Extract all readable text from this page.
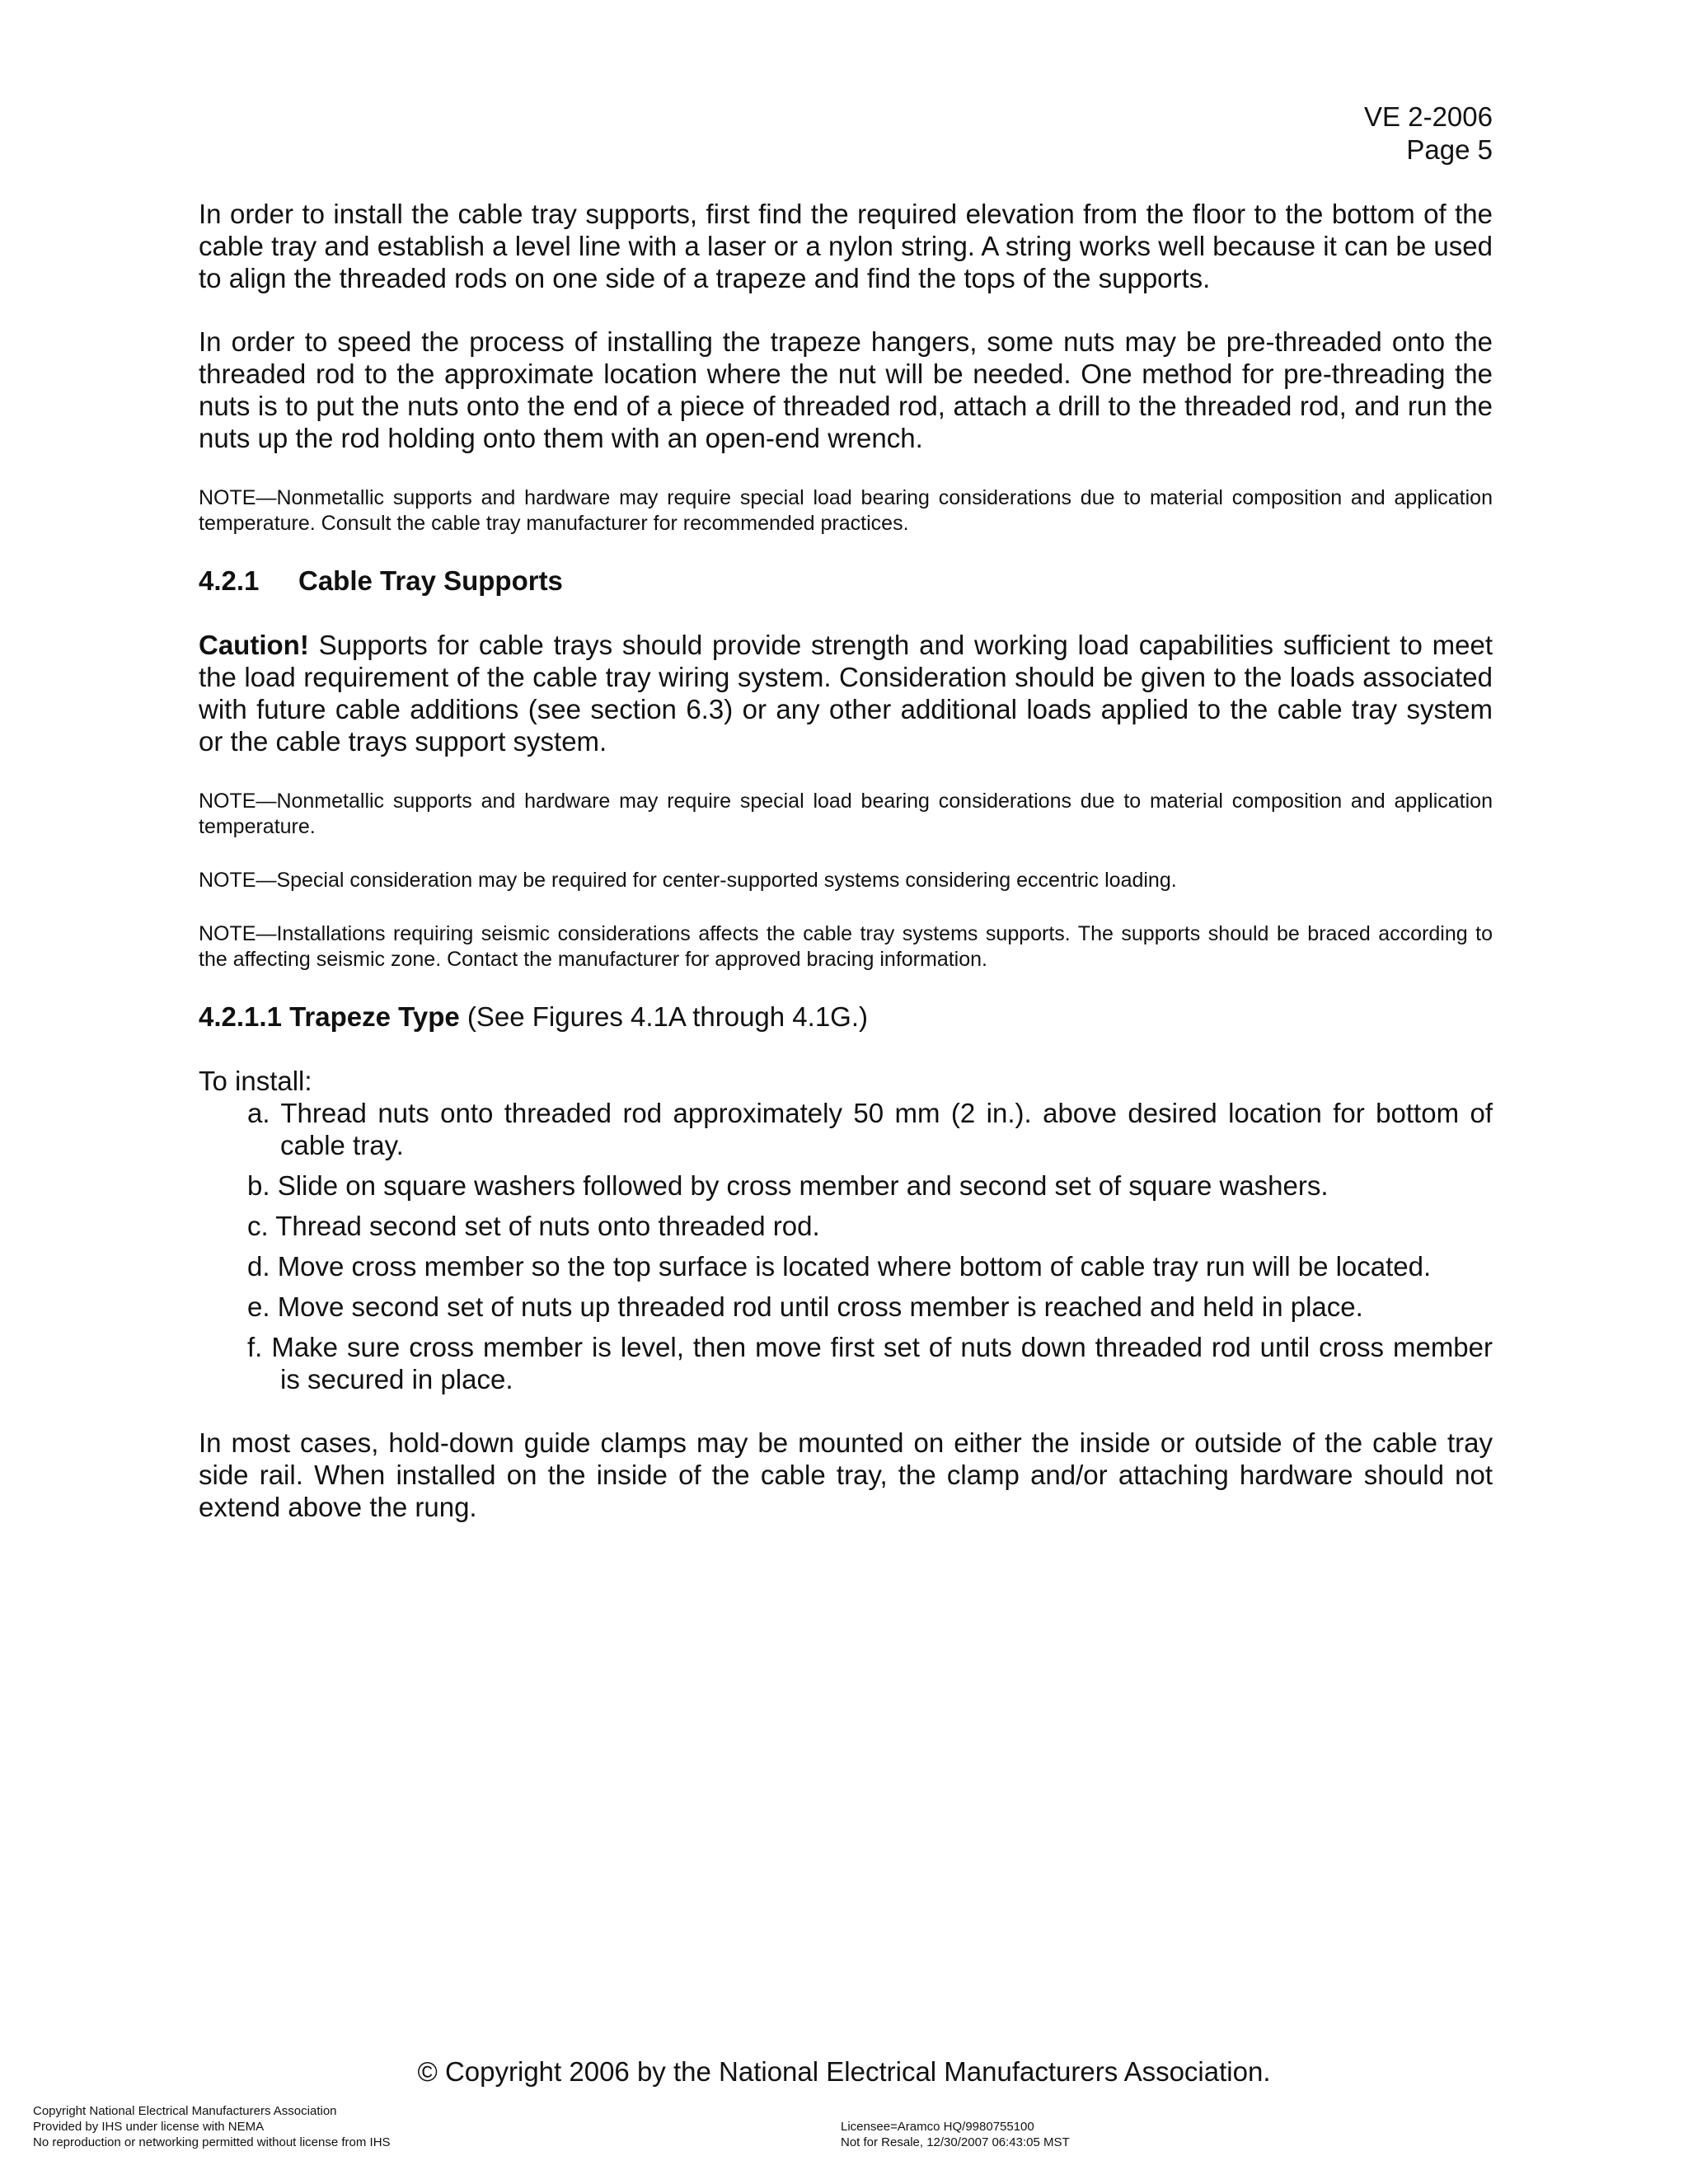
VE 2-2006
Page 5

In order to install the cable tray supports, first find the required elevation from the floor to the bottom of the cable tray and establish a level line with a laser or a nylon string. A string works well because it can be used to align the threaded rods on one side of a trapeze and find the tops of the supports.

In order to speed the process of installing the trapeze hangers, some nuts may be pre-threaded onto the threaded rod to the approximate location where the nut will be needed. One method for pre-threading the nuts is to put the nuts onto the end of a piece of threaded rod, attach a drill to the threaded rod, and run the nuts up the rod holding onto them with an open-end wrench.

NOTE—Nonmetallic supports and hardware may require special load bearing considerations due to material composition and application temperature. Consult the cable tray manufacturer for recommended practices.

4.2.1 Cable Tray Supports

Caution! Supports for cable trays should provide strength and working load capabilities sufficient to meet the load requirement of the cable tray wiring system. Consideration should be given to the loads associated with future cable additions (see section 6.3) or any other additional loads applied to the cable tray system or the cable trays support system.

NOTE—Nonmetallic supports and hardware may require special load bearing considerations due to material composition and application temperature.

NOTE—Special consideration may be required for center-supported systems considering eccentric loading.

NOTE—Installations requiring seismic considerations affects the cable tray systems supports. The supports should be braced according to the affecting seismic zone. Contact the manufacturer for approved bracing information.

4.2.1.1 Trapeze Type (See Figures 4.1A through 4.1G.)

To install:

a. Thread nuts onto threaded rod approximately 50 mm (2 in.). above desired location for bottom of cable tray.
b. Slide on square washers followed by cross member and second set of square washers.
c. Thread second set of nuts onto threaded rod.
d. Move cross member so the top surface is located where bottom of cable tray run will be located.
e. Move second set of nuts up threaded rod until cross member is reached and held in place.
f. Make sure cross member is level, then move first set of nuts down threaded rod until cross member is secured in place.

In most cases, hold-down guide clamps may be mounted on either the inside or outside of the cable tray side rail. When installed on the inside of the cable tray, the clamp and/or attaching hardware should not extend above the rung.

© Copyright 2006 by the National Electrical Manufacturers Association.
Copyright National Electrical Manufacturers Association
Provided by IHS under license with NEMA
No reproduction or networking permitted without license from IHS
Licensee=Aramco HQ/9980755100
Not for Resale, 12/30/2007 06:43:05 MST
